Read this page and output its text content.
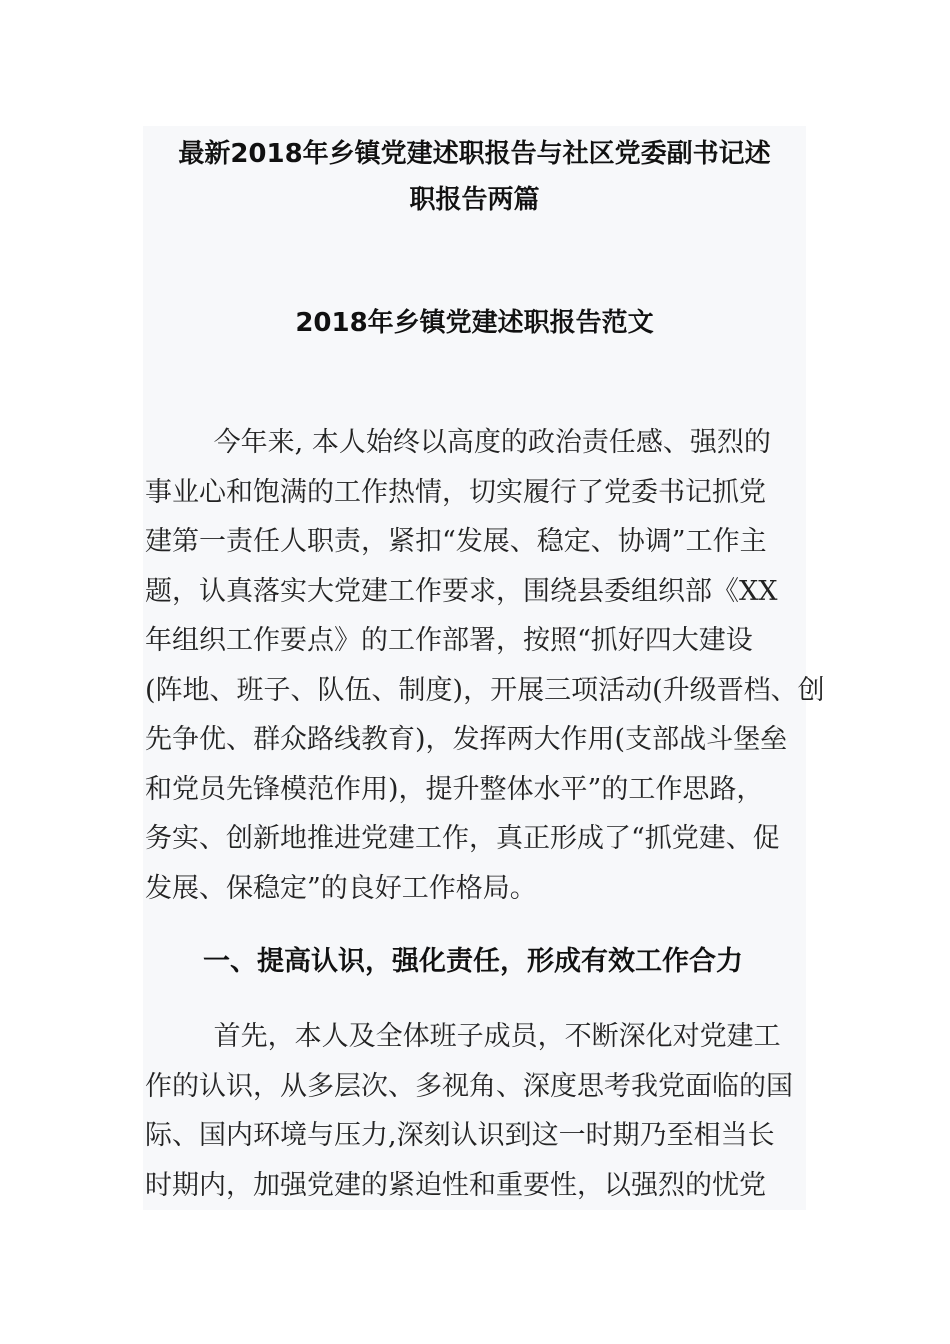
最新2018年乡镇党建述职报告与社区党委副书记述
职报告两篇
2018年乡镇党建述职报告范文

今年来, 本人始终以高度的政治责任感、强烈的
事业心和饱满的工作热情，切实履行了党委书记抓党
建第一责任人职责，紧扣“发展、稳定、协调”工作主
题，认真落实大党建工作要求，围绕县委组织部《XX
年组织工作要点》的工作部署，按照“抓好四大建设
(阵地、班子、队伍、制度)，开展三项活动(升级晋档、创
先争优、群众路线教育)，发挥两大作用(支部战斗堡垒
和党员先锋模范作用)，提升整体水平”的工作思路，
务实、创新地推进党建工作，真正形成了“抓党建、促
发展、保稳定”的良好工作格局。

一、提高认识，强化责任，形成有效工作合力

首先，本人及全体班子成员，不断深化对党建工
作的认识，从多层次、多视角、深度思考我党面临的国
际、国内环境与压力,深刻认识到这一时期乃至相当长
时期内，加强党建的紧迫性和重要性，以强烈的忧党
